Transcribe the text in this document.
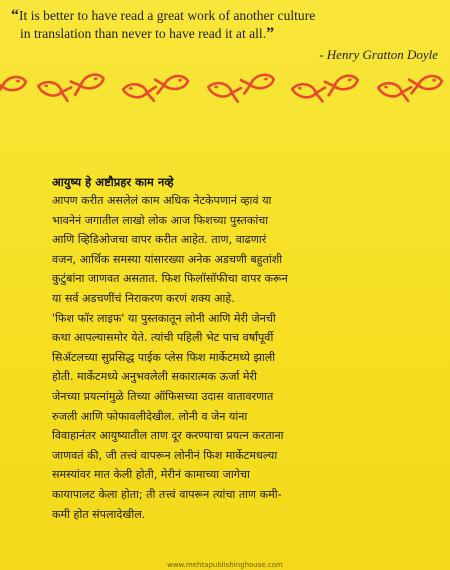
“It is better to have read a great work of another culture
in translation than never to have read it at all.”
- Henry Gratton Doyle
आयुष्य हे अष्टौप्रहर काम नव्हे
आपण करीत असलेलं काम अधिक नेटकेपणानं व्हावं या
भावनेनं जगातील लाखो लोक आज फिशच्या पुस्तकांचा
आणि व्हिडिओजचा वापर करीत आहेत. ताण, वाढणारं
वजन, आर्थिक समस्या यांसारख्या अनेक अडचणी बहुतांशी
कुटुंबांना जाणवत असतात. फिश फिलॉसॉफीचा वापर करून
या सर्व अडचणींचं निराकरण करणं शक्य आहे.
'फिश फॉर लाइफ' या पुस्तकातून लोनी आणि मेरी जेनची
कथा आपल्यासमोर येते. त्यांची पहिली भेट पाच वर्षांपूर्वी
सिॲटलच्या सुप्रसिद्ध पाईक प्लेस फिश मार्केटमध्ये झाली
होती. मार्केटमध्ये अनुभवलेली सकारात्मक ऊर्जा मेरी
जेनच्या प्रयत्नांमुळे तिच्या ऑफिसच्या उदास वातावरणात
रुजली आणि फोफावलीदेखील. लोनी व जेन यांना
विवाहानंतर आयुष्यातील ताण दूर करण्याचा प्रयत्न करताना
जाणवतं की, जी तत्त्वं वापरून लोनीनं फिश मार्केटमधल्या
समस्यांवर मात केली होती, मेरीनं कामाच्या जागेचा
कायापालट केला होता; ती तत्त्वं वापरून त्यांचा ताण कमी-
कमी होत संपलादेखील.
www.mehtapublishinghouse.com
